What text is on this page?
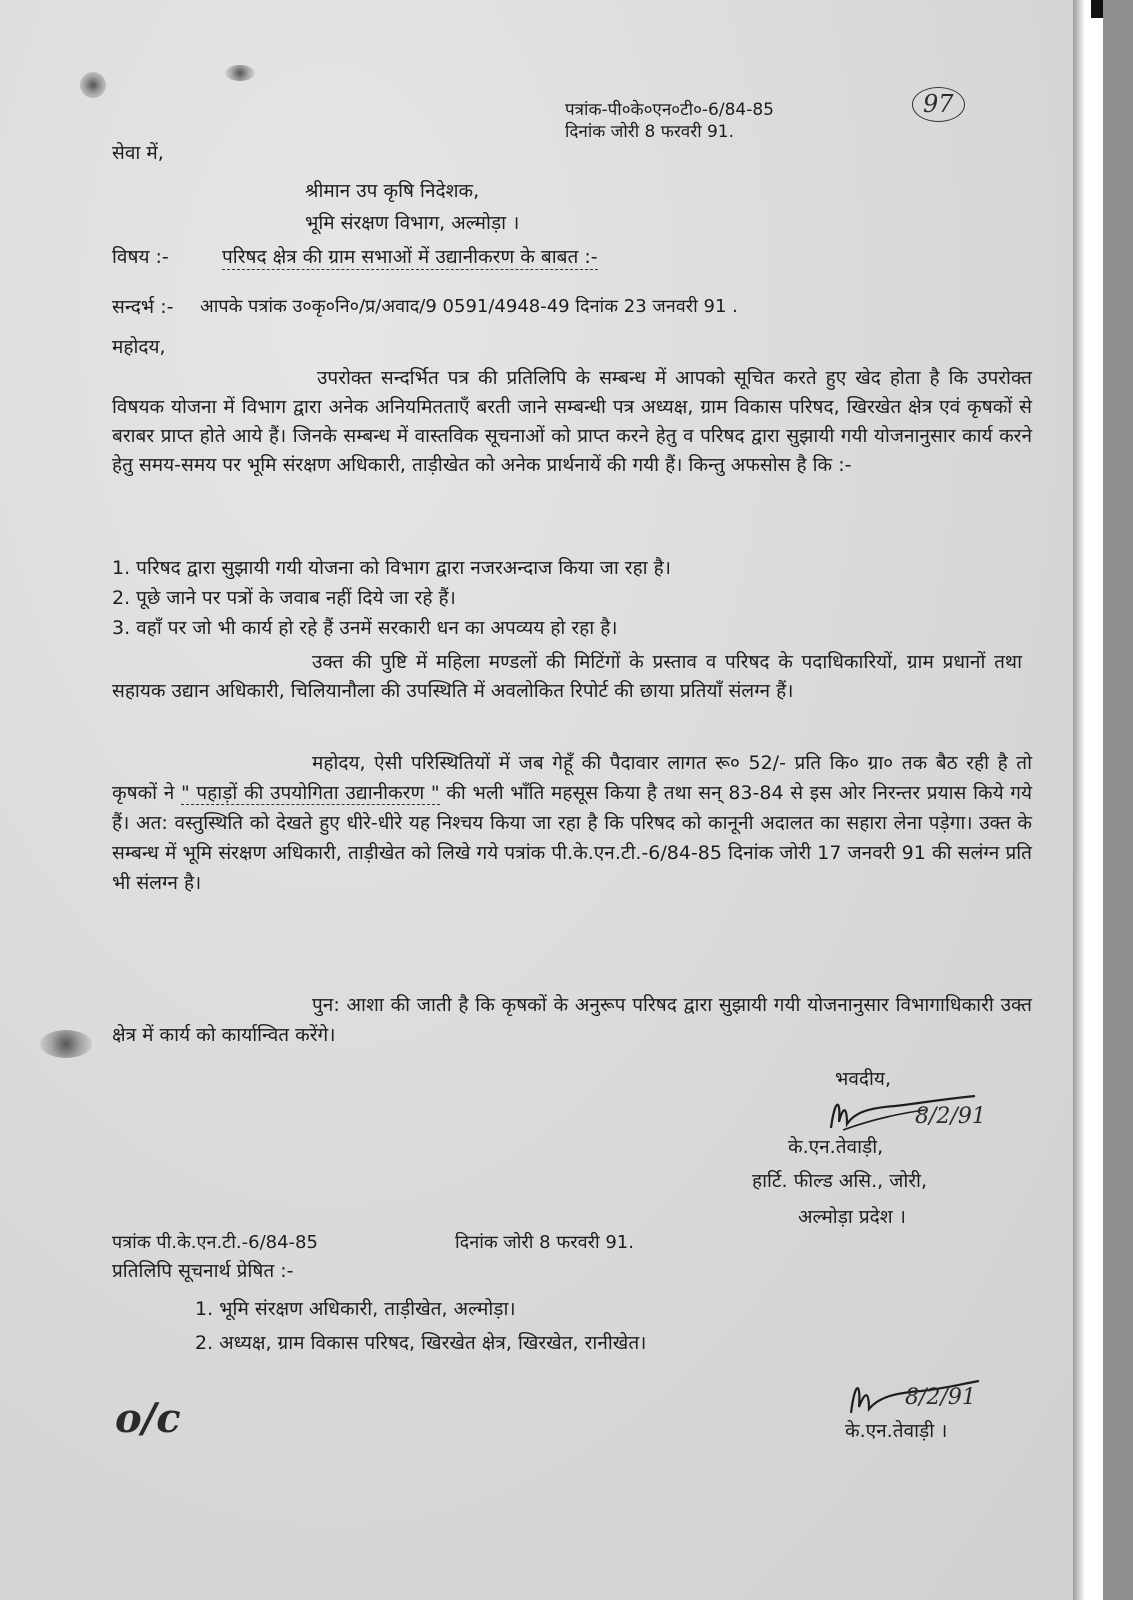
पत्रांक-पी०के०एन०टी०-6/84-85
दिनांक जोरी 8 फरवरी 91.
97
सेवा में,
श्रीमान उप कृषि निदेशक,
भूमि संरक्षण विभाग, अल्मोड़ा ।
विषय :-	परिषद क्षेत्र की ग्राम सभाओं में उद्यानीकरण के बाबत :-
सन्दर्भ :- आपके पत्रांक उ०कृ०नि०/प्र/अवाद/9 0591/4948-49 दिनांक 23 जनवरी 91 .
महोदय,
उपरोक्त सन्दर्भित पत्र की प्रतिलिपि के सम्बन्ध में आपको सूचित करते हुए खेद होता है कि उपरोक्त विषयक योजना में विभाग द्वारा अनेक अनियमितताएँ बरती जाने सम्बन्धी पत्र अध्यक्ष, ग्राम विकास परिषद, खिरखेत क्षेत्र एवं कृषकों से बराबर प्राप्त होते आये हैं। जिनके सम्बन्ध में वास्तविक सूचनाओं को प्राप्त करने हेतु व परिषद द्वारा सुझायी गयी योजनानुसार कार्य करने हेतु समय-समय पर भूमि संरक्षण अधिकारी, ताड़ीखेत को अनेक प्रार्थनायें की गयी हैं। किन्तु अफसोस है कि :-
1. परिषद द्वारा सुझायी गयी योजना को विभाग द्वारा नजरअन्दाज किया जा रहा है।
2. पूछे जाने पर पत्रों के जवाब नहीं दिये जा रहे हैं।
3. वहाँ पर जो भी कार्य हो रहे हैं उनमें सरकारी धन का अपव्यय हो रहा है।
उक्त की पुष्टि में महिला मण्डलों की मिटिंगों के प्रस्ताव व परिषद के पदाधिकारियों, ग्राम प्रधानों तथा सहायक उद्यान अधिकारी, चिलियानौला की उपस्थिति में अवलोकित रिपोर्ट की छाया प्रतियाँ संलग्न हैं।
महोदय, ऐसी परिस्थितियों में जब गेहूँ की पैदावार लागत रू० 52/- प्रति कि० ग्रा० तक बैठ रही है तो कृषकों ने " पहाड़ों की उपयोगिता उद्यानीकरण " की भली भाँति महसूस किया है तथा सन् 83-84 से इस ओर निरन्तर प्रयास किये गये हैं। अत: वस्तुस्थिति को देखते हुए धीरे-धीरे यह निश्चय किया जा रहा है कि परिषद को कानूनी अदालत का सहारा लेना पड़ेगा। उक्त के सम्बन्ध में भूमि संरक्षण अधिकारी, ताड़ीखेत को लिखे गये पत्रांक पी.के.एन.टी.-6/84-85 दिनांक जोरी 17 जनवरी 91 की सलंग्न प्रति भी संलग्न है।
पुन: आशा की जाती है कि कृषकों के अनुरूप परिषद द्वारा सुझायी गयी योजनानुसार विभागाधिकारी उक्त क्षेत्र में कार्य को कार्यान्वित करेंगे।
भवदीय,
8/2/91
के.एन.तेवाड़ी,
हार्टि. फील्ड असि., जोरी,
अल्मोड़ा प्रदेश ।
पत्रांक पी.के.एन.टी.-6/84-85	दिनांक जोरी 8 फरवरी 91.
प्रतिलिपि सूचनार्थ प्रेषित :-
1. भूमि संरक्षण अधिकारी, ताड़ीखेत, अल्मोड़ा।
2. अध्यक्ष, ग्राम विकास परिषद, खिरखेत क्षेत्र, खिरखेत, रानीखेत।
o/c	8/2/91
के.एन.तेवाड़ी ।
